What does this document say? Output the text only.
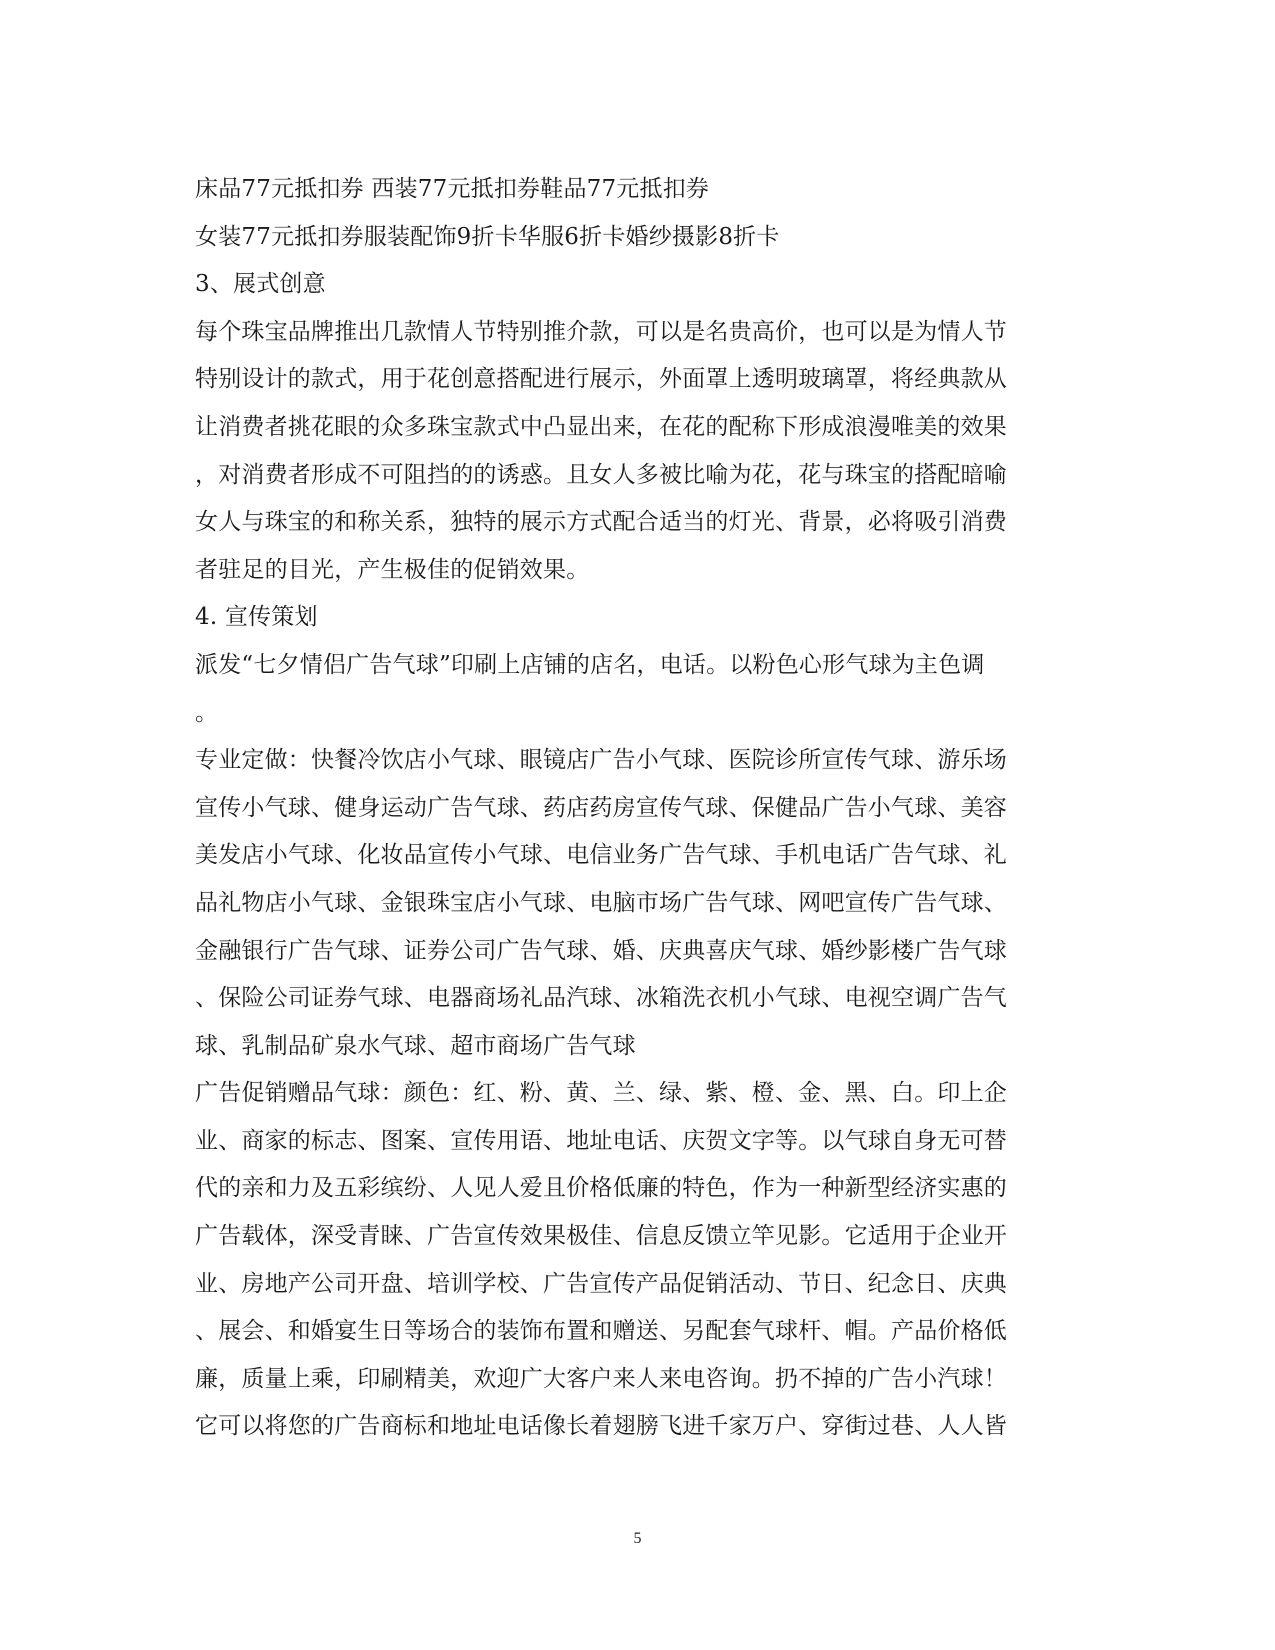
床品77元抵扣券 西装77元抵扣券鞋品77元抵扣券
女装77元抵扣券服装配饰9折卡华服6折卡婚纱摄影8折卡
3、展式创意
每个珠宝品牌推出几款情人节特别推介款，可以是名贵高价，也可以是为情人节
特别设计的款式，用于花创意搭配进行展示，外面罩上透明玻璃罩，将经典款从
让消费者挑花眼的众多珠宝款式中凸显出来，在花的配称下形成浪漫唯美的效果
，对消费者形成不可阻挡的的诱惑。且女人多被比喻为花，花与珠宝的搭配暗喻
女人与珠宝的和称关系，独特的展示方式配合适当的灯光、背景，必将吸引消费
者驻足的目光，产生极佳的促销效果。
4. 宣传策划
派发“七夕情侣广告气球”印刷上店铺的店名，电话。以粉色心形气球为主色调
。
专业定做：快餐冷饮店小气球、眼镜店广告小气球、医院诊所宣传气球、游乐场
宣传小气球、健身运动广告气球、药店药房宣传气球、保健品广告小气球、美容
美发店小气球、化妆品宣传小气球、电信业务广告气球、手机电话广告气球、礼
品礼物店小气球、金银珠宝店小气球、电脑市场广告气球、网吧宣传广告气球、
金融银行广告气球、证券公司广告气球、婚、庆典喜庆气球、婚纱影楼广告气球
、保险公司证券气球、电器商场礼品汽球、冰箱洗衣机小气球、电视空调广告气
球、乳制品矿泉水气球、超市商场广告气球
广告促销赠品气球：颜色：红、粉、黄、兰、绿、紫、橙、金、黑、白。印上企
业、商家的标志、图案、宣传用语、地址电话、庆贺文字等。以气球自身无可替
代的亲和力及五彩缤纷、人见人爱且价格低廉的特色，作为一种新型经济实惠的
广告载体，深受青睐、广告宣传效果极佳、信息反馈立竿见影。它适用于企业开
业、房地产公司开盘、培训学校、广告宣传产品促销活动、节日、纪念日、庆典
、展会、和婚宴生日等场合的装饰布置和赠送、另配套气球杆、帽。产品价格低
廉，质量上乘，印刷精美，欢迎广大客户来人来电咨询。扔不掉的广告小汽球！
它可以将您的广告商标和地址电话像长着翅膀飞进千家万户、穿街过巷、人人皆
5
